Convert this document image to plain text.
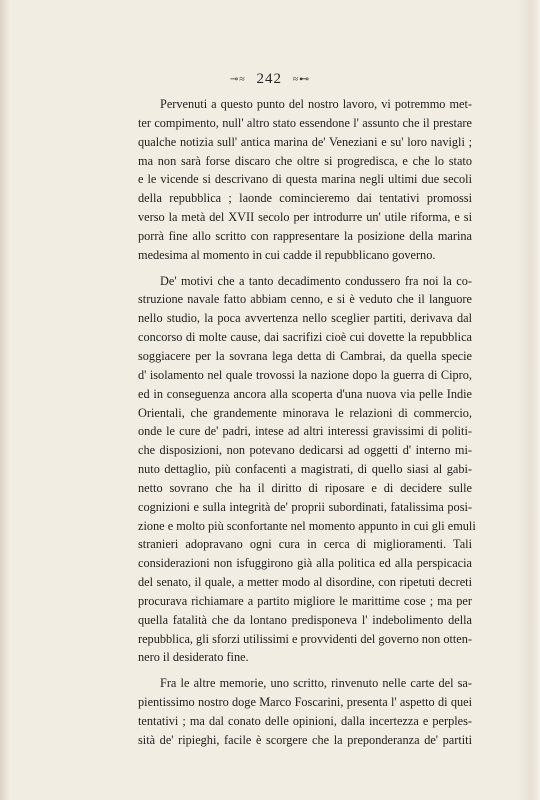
⊸≈ 242 ≈⊷
Pervenuti a questo punto del nostro lavoro, vi potremmo met-
ter compimento, null' altro stato essendone l' assunto che il prestare
qualche notizia sull' antica marina de' Veneziani e su' loro navigli ;
ma non sarà forse discaro che oltre si progrediscа, e che lo stato
e le vicende si descrivano di questa marina negli ultimi due secoli
della repubblica ; laonde comincieremo dai tentativi promossi
verso la metà del XVII secolo per introdurre un' utile riforma, e si
porrà fine allo scritto con rappresentare la posizione della marina
medesima al momento in cui cadde il repubblicano governo.
De' motivi che a tanto decadimento condussero fra noi la co-
struzione navale fatto abbiam cenno, e si è veduto che il languore
nello studio, la poca avvertenza nello sceglier partiti, derivava dal
concorso di molte cause, dai sacrifizi cioè cui dovette la repubblica
soggiacere per la sovrana lega detta di Cambrai, da quella specie
d' isolamento nel quale trovossi la nazione dopo la guerra di Cipro,
ed in conseguenza ancora alla scoperta d'una nuova via pelle Indie
Orientali, che grandemente minorava le relazioni di commercio,
onde le cure de' padri, intese ad altri interessi gravissimi di politi-
che disposizioni, non potevano dedicarsi ad oggetti d' interno mi-
nuto dettaglio, più confacenti a magistrati, di quello siasi al gabi-
netto sovrano che ha il diritto di riposare e di decidere sulle
cognizioni e sulla integrità de' proprii subordinati, fatalissima posi-
zione e molto più sconfortante nel momento appunto in cui gli emuli
stranieri adopravano ogni cura in cerca di miglioramenti. Tali
considerazioni non isfuggirono già alla politica ed alla perspicacia
del senato, il quale, a metter modo al disordine, con ripetuti decreti
procurava richiamare a partito migliore le marittime cose ; ma per
quella fatalità che da lontano predisponeva l' indebolimento della
repubblica, gli sforzi utilissimi e provvidenti del governo non otten-
nero il desiderato fine.
Fra le altre memorie, uno scritto, rinvenuto nelle carte del sa-
pientissimo nostro doge Marco Foscarini, presenta l' aspetto di quei
tentativi ; ma dal conato delle opinioni, dalla incertezza e perples-
sità de' ripieghi, facile è scorgere che la preponderanza de' partiti
